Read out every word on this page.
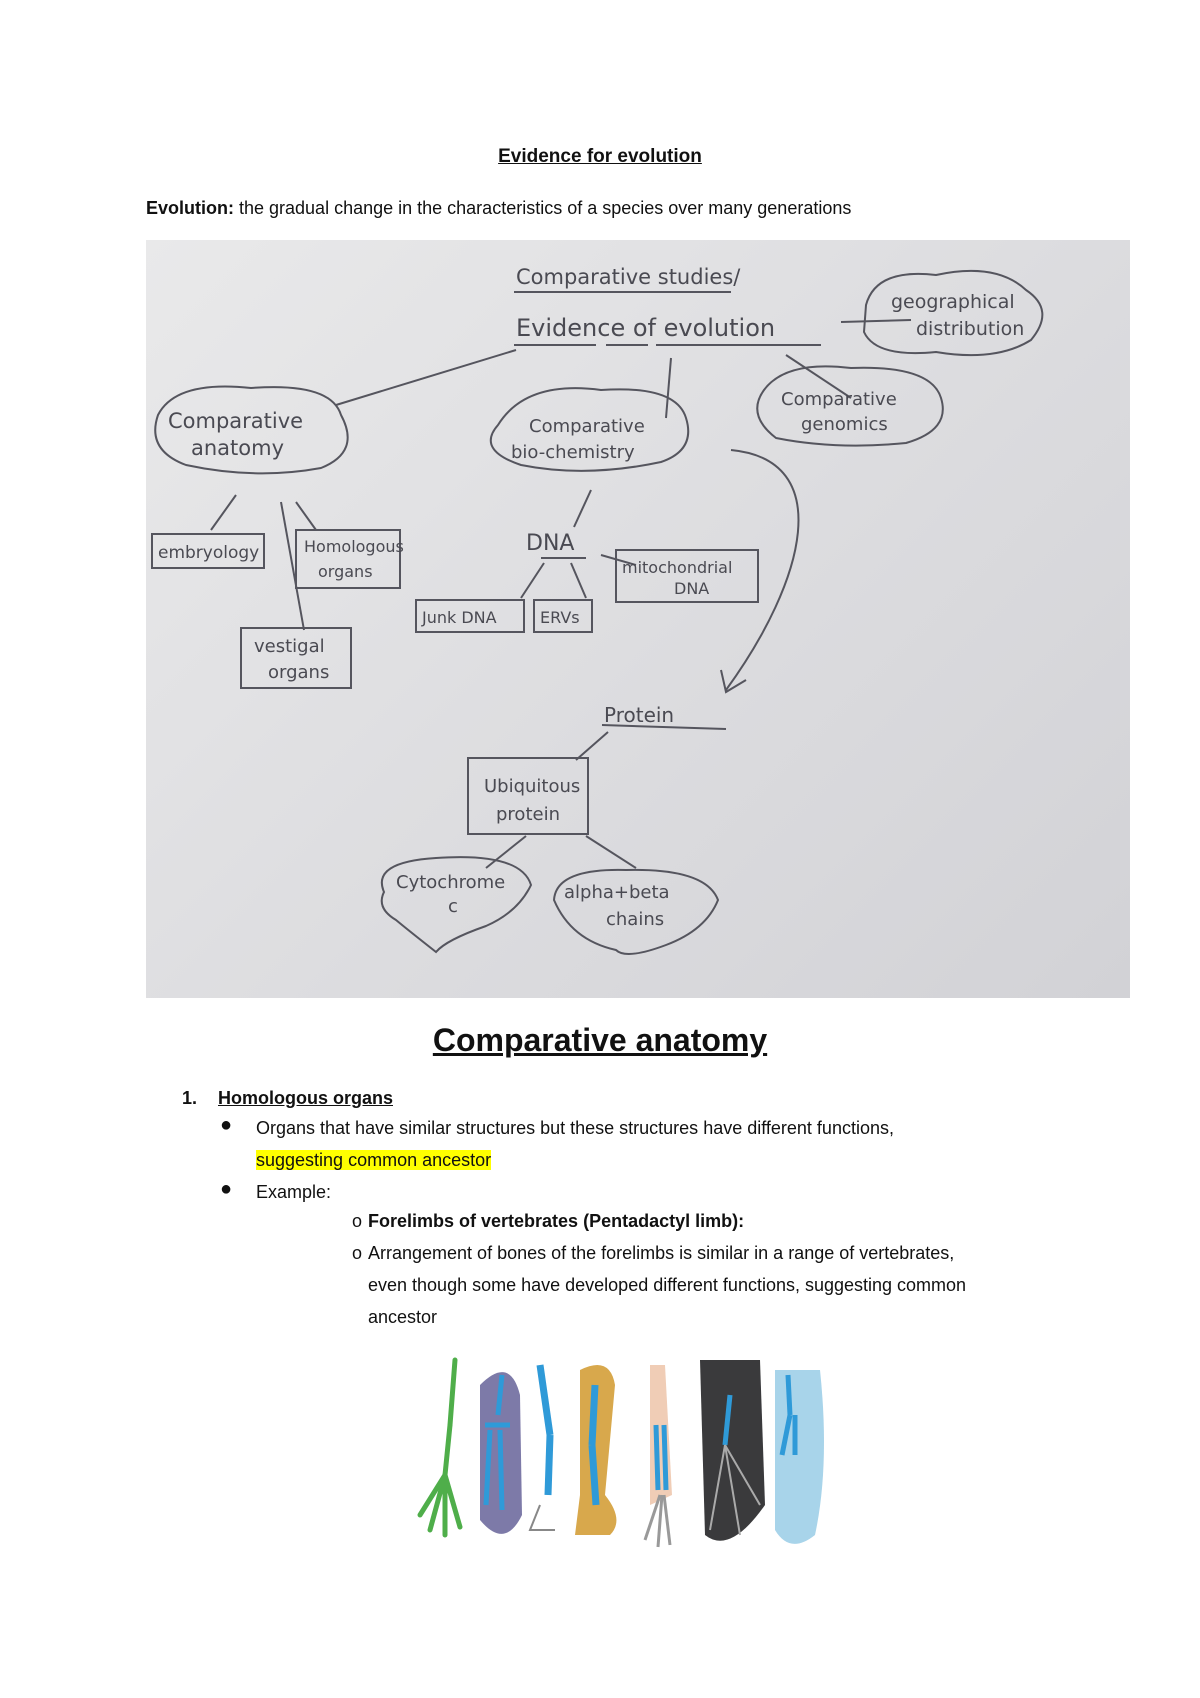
Evidence for evolution
Evolution: the gradual change in the characteristics of a species over many generations
Comparative studies/
Evidence of evolution
geographical
distribution
Comparative
anatomy
Comparative
bio-chemistry
Comparative
genomics
embryology	Homologous
organs
vestigal
organs
DNA
Junk DNA	ERVs
mitochondrial
DNA
Protein
Ubiquitous
protein
Cytochrome
c
alpha+beta
chains
Comparative anatomy
1. Homologous organs
●	Organs that have similar structures but these structures have different functions,
suggesting common ancestor
●	Example:
o Forelimbs of vertebrates (Pentadactyl limb):
o Arrangement of bones of the forelimbs is similar in a range of vertebrates,
even though some have developed different functions, suggesting common
ancestor
